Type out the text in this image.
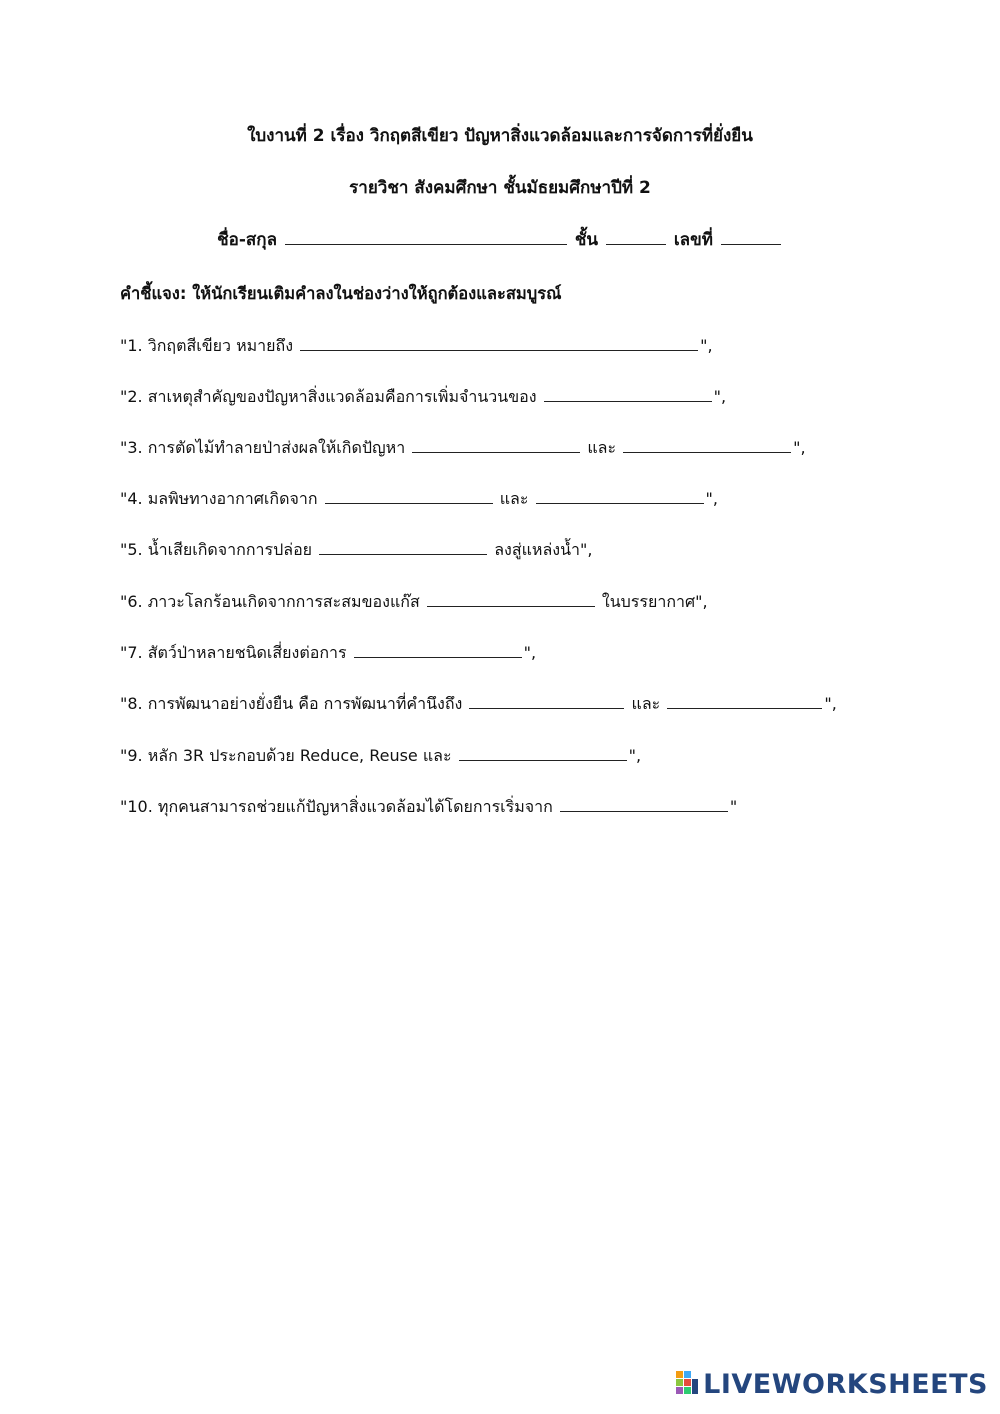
ใบงานที่ 2 เรื่อง วิกฤตสีเขียว ปัญหาสิ่งแวดล้อมและการจัดการที่ยั่งยืน
รายวิชา สังคมศึกษา ชั้นมัธยมศึกษาปีที่ 2
ชื่อ-สกุล	ชั้น	เลขที่
คำชี้แจง: ให้นักเรียนเติมคำลงในช่องว่างให้ถูกต้องและสมบูรณ์
"1. วิกฤตสีเขียว หมายถึง	",
"2. สาเหตุสำคัญของปัญหาสิ่งแวดล้อมคือการเพิ่มจำนวนของ	",
"3. การตัดไม้ทำลายป่าส่งผลให้เกิดปัญหา	และ	",
"4. มลพิษทางอากาศเกิดจาก	และ	",
"5. น้ำเสียเกิดจากการปล่อย	ลงสู่แหล่งน้ำ",
"6. ภาวะโลกร้อนเกิดจากการสะสมของแก๊ส	ในบรรยากาศ",
"7. สัตว์ป่าหลายชนิดเสี่ยงต่อการ	",
"8. การพัฒนาอย่างยั่งยืน คือ การพัฒนาที่คำนึงถึง	และ	",
"9. หลัก 3R ประกอบด้วย Reduce, Reuse และ	",
"10. ทุกคนสามารถช่วยแก้ปัญหาสิ่งแวดล้อมได้โดยการเริ่มจาก	"
LIVEWORKSHEETS
